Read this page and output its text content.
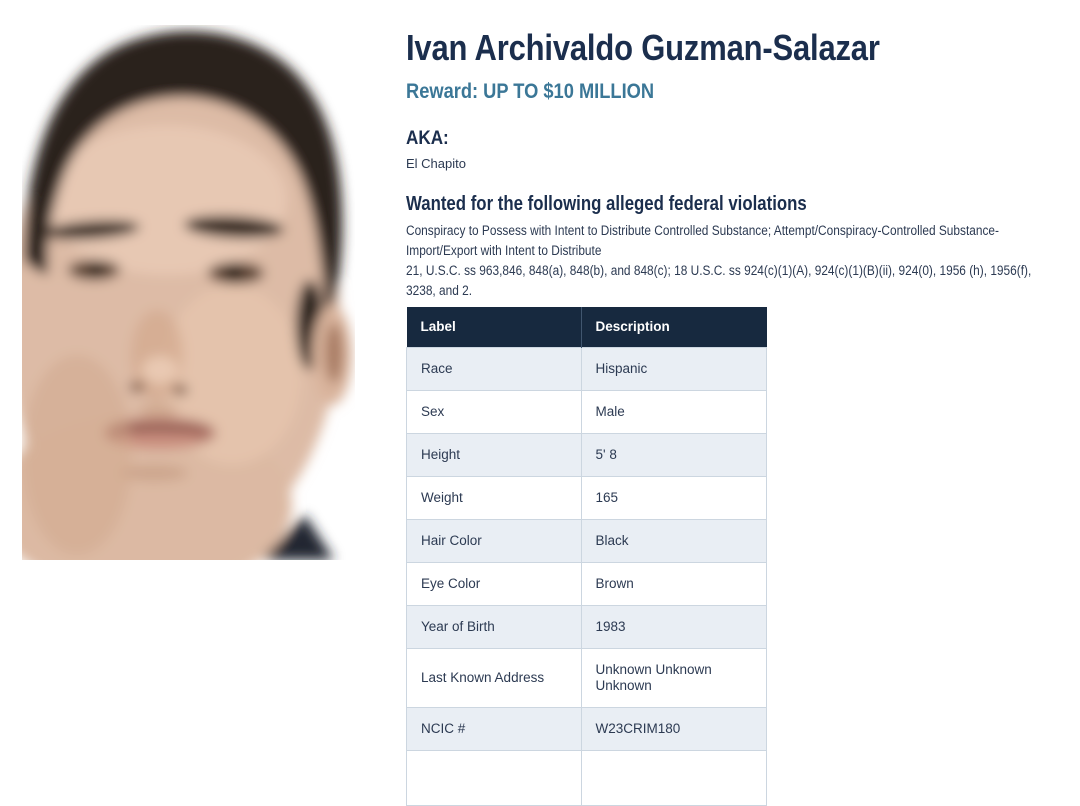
Ivan Archivaldo Guzman-Salazar
Reward: UP TO $10 MILLION
AKA:
El Chapito
Wanted for the following alleged federal violations
Conspiracy to Possess with Intent to Distribute Controlled Substance; Attempt/Conspiracy-Controlled Substance-
Import/Export with Intent to Distribute
21, U.S.C. ss 963,846, 848(a), 848(b), and 848(c); 18 U.S.C. ss 924(c)(1)(A), 924(c)(1)(B)(ii), 924(0), 1956 (h), 1956(f),
3238, and 2.
Label	Description
Race	Hispanic
Sex	Male
Height	5' 8
Weight	165
Hair Color	Black
Eye Color	Brown
Year of Birth	1983
Last Known Address	Unknown Unknown Unknown
NCIC #	W23CRIM180
